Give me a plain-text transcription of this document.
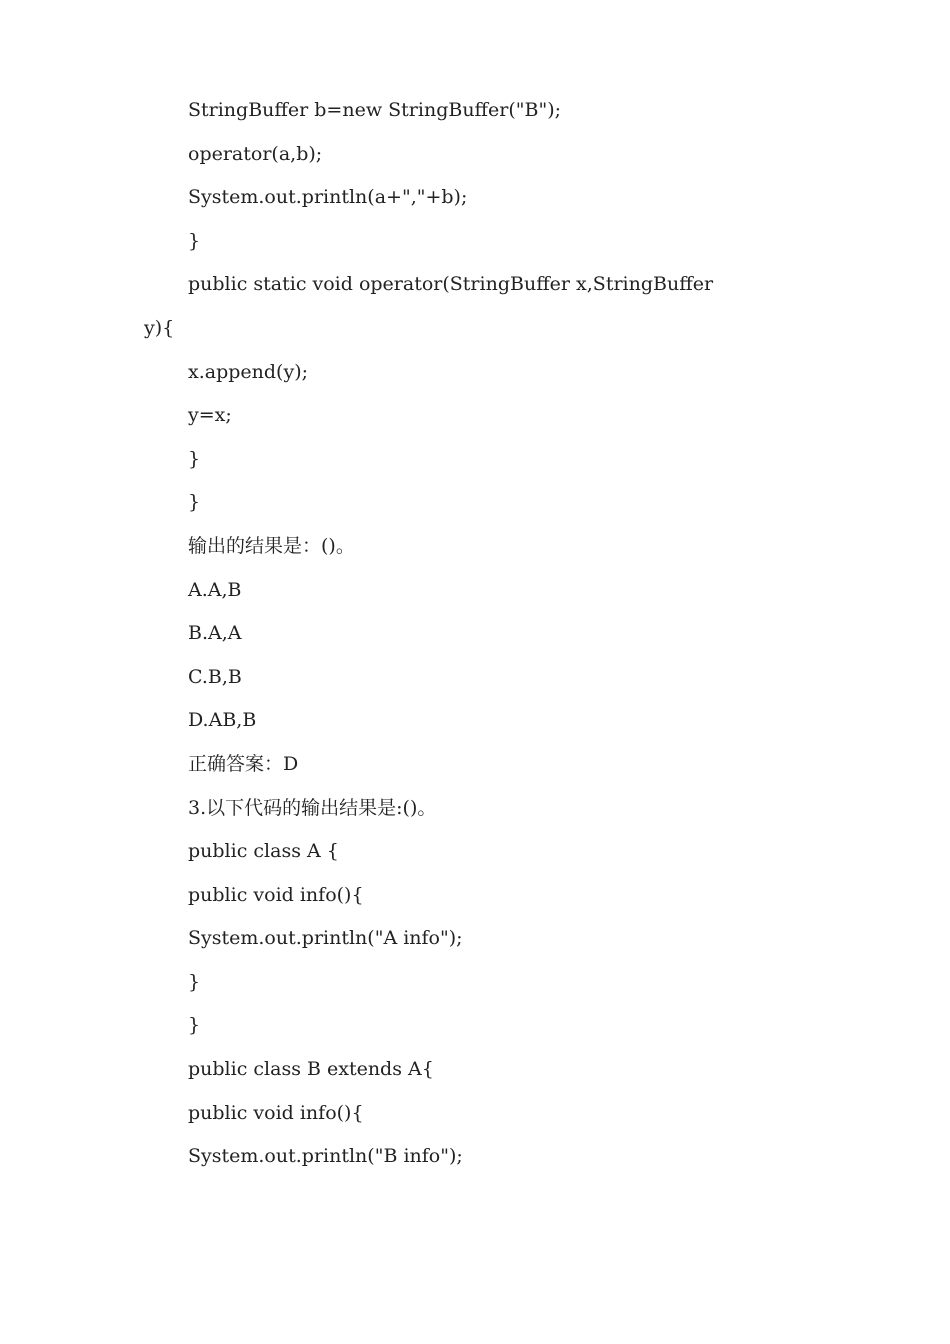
StringBuffer b=new StringBuffer("B");
operator(a,b);
System.out.println(a+","+b);
}
public static void operator(StringBuffer x,StringBuffer
y){
x.append(y);
y=x;
}
}
输出的结果是：()。
A.A,B
B.A,A
C.B,B
D.AB,B
正确答案：D
3.以下代码的输出结果是:()。
public class A {
public void info(){
System.out.println("A info");
}
}
public class B extends A{
public void info(){
System.out.println("B info");
